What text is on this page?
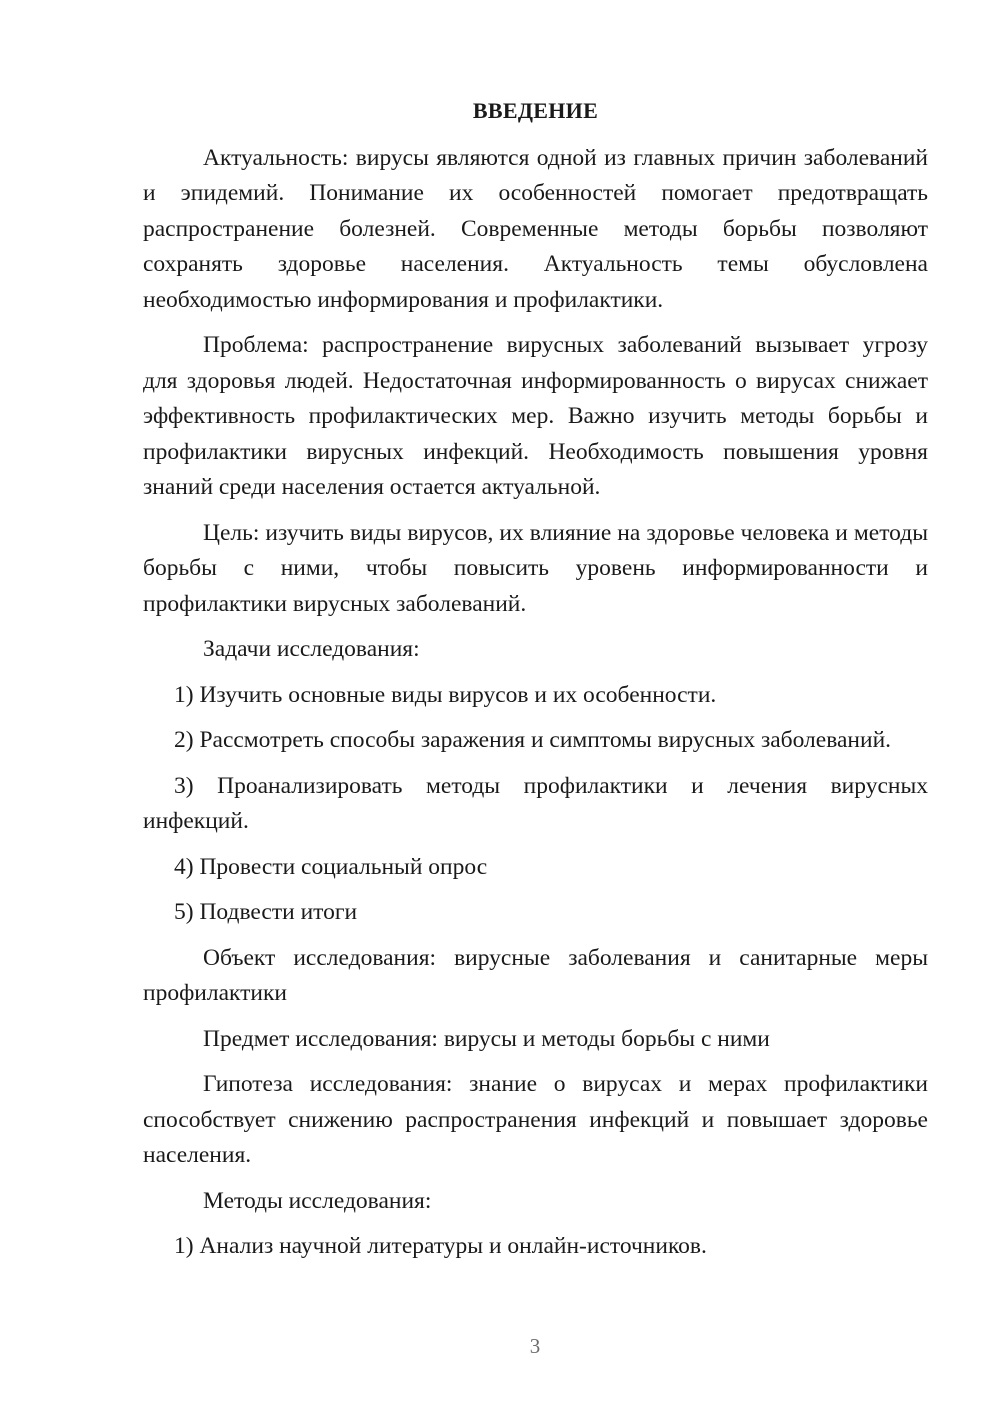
ВВЕДЕНИЕ

Актуальность: вирусы являются одной из главных причин заболеваний и эпидемий. Понимание их особенностей помогает предотвращать распространение болезней. Современные методы борьбы позволяют сохранять здоровье населения. Актуальность темы обусловлена необходимостью информирования и профилактики.

Проблема: распространение вирусных заболеваний вызывает угрозу для здоровья людей. Недостаточная информированность о вирусах снижает эффективность профилактических мер. Важно изучить методы борьбы и профилактики вирусных инфекций. Необходимость повышения уровня знаний среди населения остается актуальной.

Цель: изучить виды вирусов, их влияние на здоровье человека и методы борьбы с ними, чтобы повысить уровень информированности и профилактики вирусных заболеваний.

Задачи исследования:

1) Изучить основные виды вирусов и их особенности.

2) Рассмотреть способы заражения и симптомы вирусных заболеваний.

3) Проанализировать методы профилактики и лечения вирусных инфекций.

4) Провести социальный опрос

5) Подвести итоги

Объект исследования: вирусные заболевания и санитарные меры профилактики

Предмет исследования: вирусы и методы борьбы с ними

Гипотеза исследования: знание о вирусах и мерах профилактики способствует снижению распространения инфекций и повышает здоровье населения.

Методы исследования:

1) Анализ научной литературы и онлайн-источников.

3
